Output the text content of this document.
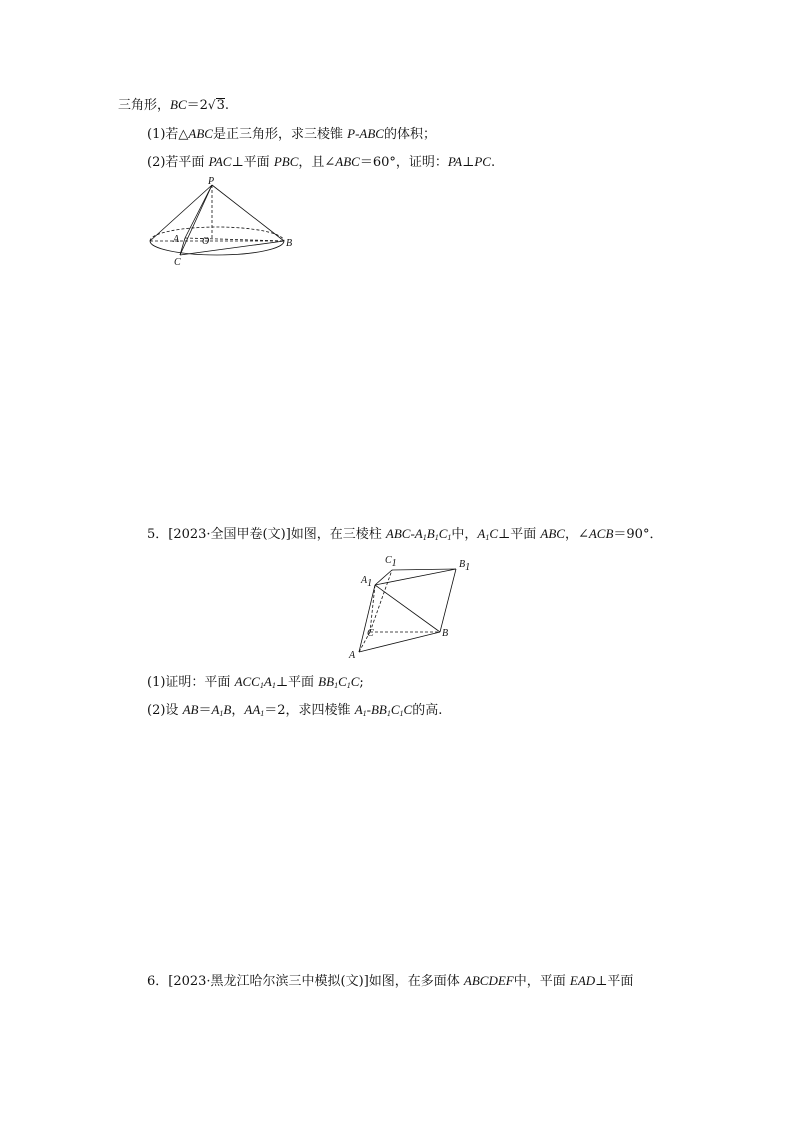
三角形，BC＝2√3.
(1)若△ABC是正三角形，求三棱锥 P-ABC的体积；
(2)若平面 PAC⊥平面 PBC，且∠ABC＝60°，证明：PA⊥PC.
P
A O	B
C
5．[2023·全国甲卷(文)]如图，在三棱柱 ABC-$A_1B_1C_1$中，$A_1C\perp$平面 ABC，∠ACB＝90°．
C1	B1
A1
C	B
A
(1)证明：平面 $ACC_1A_1\perp$平面 $BB_1C_1C$;
(2)设 $AB=A_1B$，$AA_1=2$，求四棱锥 $A_1-BB_1C_1C$的高.
6．[2023·黑龙江哈尔滨三中模拟(文)]如图，在多面体 ABCDEF中，平面 EAD⊥平面
